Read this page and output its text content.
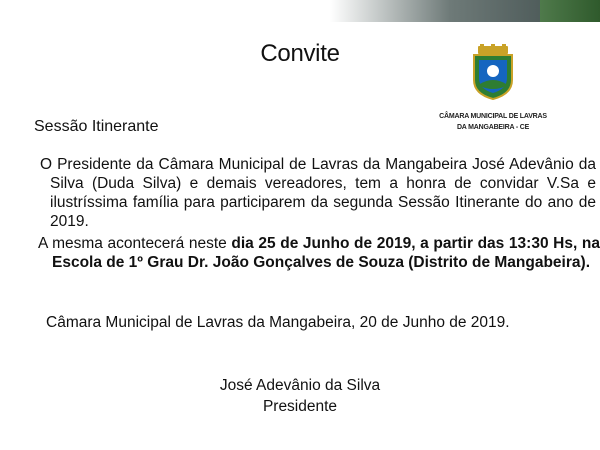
Convite
CÂMARA MUNICIPAL DE LAVRAS
DA MANGABEIRA - CE
Sessão Itinerante
O Presidente da Câmara Municipal de Lavras da Mangabeira José Adevânio da Silva (Duda Silva) e demais vereadores, tem a honra de convidar V.Sa e ilustríssima família para participarem da segunda Sessão Itinerante do ano de 2019.
A mesma acontecerá neste dia 25 de Junho de 2019, a partir das 13:30 Hs, na Escola de 1º Grau Dr. João Gonçalves de Souza (Distrito de Mangabeira).
Câmara Municipal de Lavras da Mangabeira, 20 de Junho de 2019.
José Adevânio da Silva
Presidente
